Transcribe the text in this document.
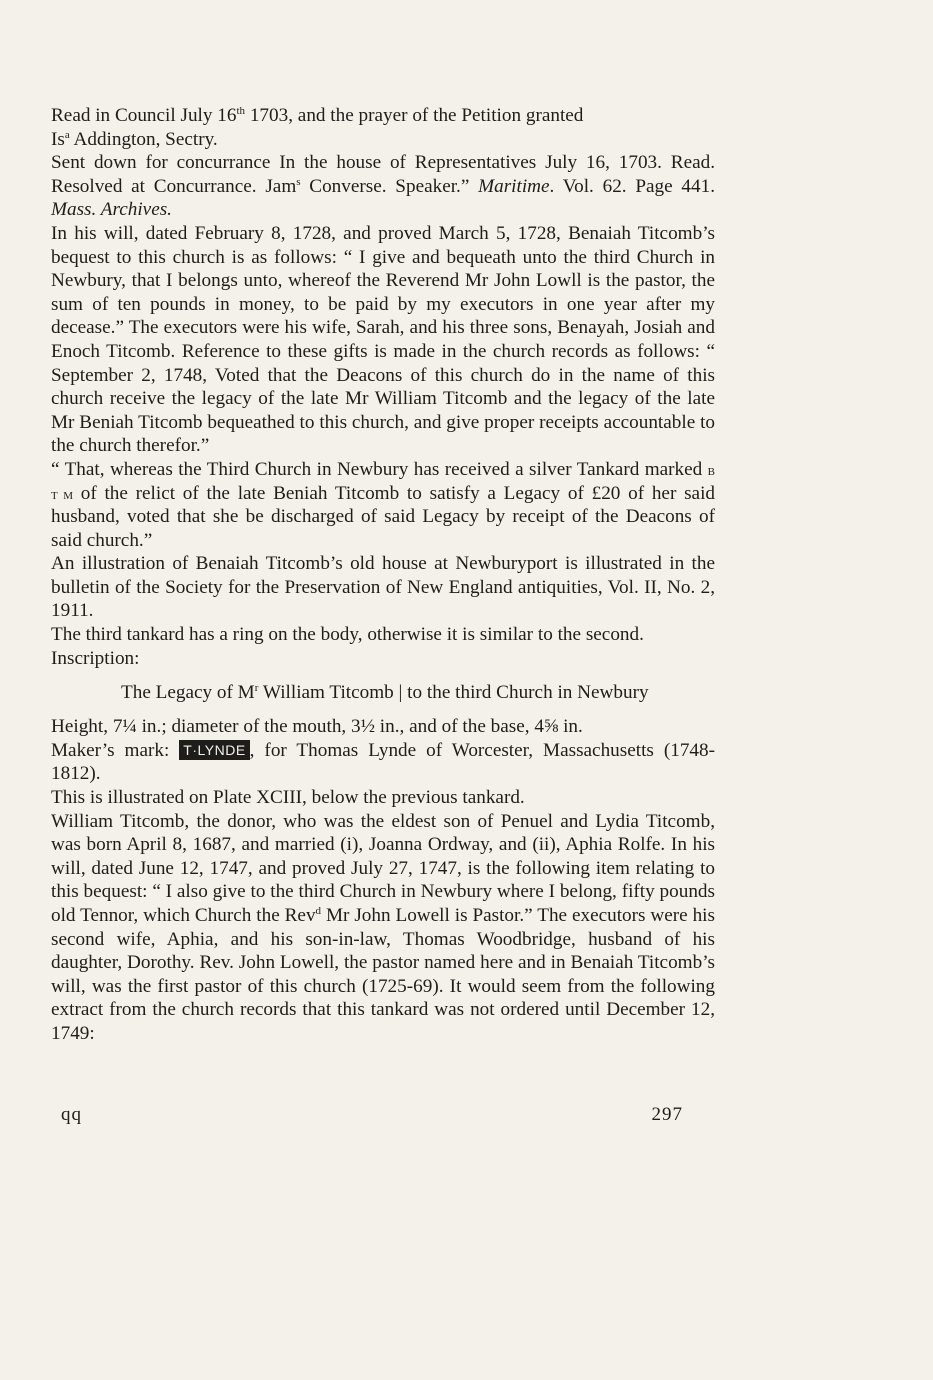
Read in Council July 16th 1703, and the prayer of the Petition granted

Is$^a$ Addington, Sectry.

Sent down for concurrance In the house of Representatives July 16, 1703. Read. Resolved at Concurrance. Jam$^s$ Converse. Speaker.” Maritime. Vol. 62. Page 441. Mass. Archives.

In his will, dated February 8, 1728, and proved March 5, 1728, Benaiah Titcomb’s bequest to this church is as follows: “ I give and bequeath unto the third Church in Newbury, that I belongs unto, whereof the Reverend Mr John Lowll is the pastor, the sum of ten pounds in money, to be paid by my executors in one year after my decease.” The executors were his wife, Sarah, and his three sons, Benayah, Josiah and Enoch Titcomb. Reference to these gifts is made in the church records as follows: “ September 2, 1748, Voted that the Deacons of this church do in the name of this church receive the legacy of the late Mr William Titcomb and the legacy of the late Mr Beniah Titcomb bequeathed to this church, and give proper receipts accountable to the church therefor.”

“ That, whereas the Third Church in Newbury has received a silver Tankard marked B T M of the relict of the late Beniah Titcomb to satisfy a Legacy of £20 of her said husband, voted that she be discharged of said Legacy by receipt of the Deacons of said church.”

An illustration of Benaiah Titcomb’s old house at Newburyport is illustrated in the bulletin of the Society for the Preservation of New England antiquities, Vol. II, No. 2, 1911.

The third tankard has a ring on the body, otherwise it is similar to the second.

Inscription:

The Legacy of $M^r$ William Titcomb | to the third Church in Newbury

Height, 7¼ in.; diameter of the mouth, 3½ in., and of the base, 4⅝ in.

Maker’s mark: T·LYNDE , for Thomas Lynde of Worcester, Massachusetts (1748-1812).

This is illustrated on Plate XCIII, below the previous tankard.

William Titcomb, the donor, who was the eldest son of Penuel and Lydia Titcomb, was born April 8, 1687, and married (i), Joanna Ordway, and (ii), Aphia Rolfe. In his will, dated June 12, 1747, and proved July 27, 1747, is the following item relating to this bequest: “ I also give to the third Church in Newbury where I belong, fifty pounds old Tennor, which Church the Rev$^d$ Mr John Lowell is Pastor.” The executors were his second wife, Aphia, and his son-in-law, Thomas Woodbridge, husband of his daughter, Dorothy. Rev. John Lowell, the pastor named here and in Benaiah Titcomb’s will, was the first pastor of this church (1725-69). It would seem from the following extract from the church records that this tankard was not ordered until December 12, 1749:

qq	297
